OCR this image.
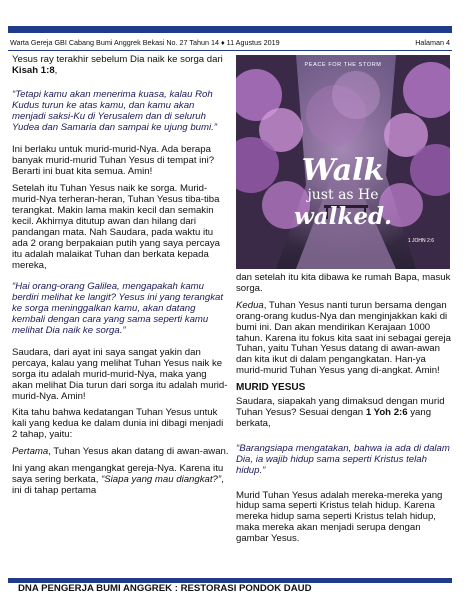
Warta Gereja GBI Cabang Bumi Anggrek Bekasi No. 27 Tahun 14 ♦ 11 Agustus 2019	Halaman 4

Yesus ray terakhir sebelum Dia naik ke sorga dari Kisah 1:8,

“Tetapi kamu akan menerima kuasa, kalau Roh Kudus turun ke atas kamu, dan kamu akan menjadi saksi-Ku di Yerusalem dan di seluruh Yudea dan Samaria dan sampai ke ujung bumi.”

Ini berlaku untuk murid-murid-Nya. Ada berapa banyak murid-murid Tuhan Yesus di tempat ini? Berarti ini buat kita semua. Amin!

Setelah itu Tuhan Yesus naik ke sorga. Murid-murid-Nya terheran-heran, Tuhan Yesus tiba-tiba terangkat. Makin lama makin kecil dan semakin kecil. Akhirnya ditutup awan dan hilang dari pandangan mata. Nah Saudara, pada waktu itu ada 2 orang berpakaian putih yang saya percaya itu adalah malaikat Tuhan dan berkata kepada mereka,

“Hai orang-orang Galilea, mengapakah kamu berdiri melihat ke langit? Yesus ini yang terangkat ke sorga meninggalkan kamu, akan datang kembali dengan cara yang sama seperti kamu melihat Dia naik ke sorga.”

Saudara, dari ayat ini saya sangat yakin dan percaya, kalau yang melihat Tuhan Yesus naik ke sorga itu adalah murid-murid-Nya, maka yang akan melihat Dia turun dari sorga itu adalah murid-murid-Nya. Amin!

Kita tahu bahwa kedatangan Tuhan Yesus untuk kali yang kedua ke dalam dunia ini dibagi menjadi 2 tahap, yaitu:

Pertama, Tuhan Yesus akan datang di awan-awan.

Ini yang akan mengangkat gereja-Nya. Karena itu saya sering berkata, “Siapa yang mau diangkat?”, ini di tahap pertama

PEACE FOR THE STORM
Walk
just as He
walked.
1 JOHN 2:6

dan setelah itu kita dibawa ke rumah Bapa, masuk sorga.

Kedua, Tuhan Yesus nanti turun bersama dengan orang-orang kudus-Nya dan menginjakkan kaki di bumi ini. Dan akan mendirikan Kerajaan 1000 tahun. Karena itu fokus kita saat ini sebagai gereja Tuhan, yaitu Tuhan Yesus datang di awan-awan dan kita ikut di dalam pengangkatan. Han-ya murid-murid Tuhan Yesus yang di-angkat. Amin!

MURID YESUS

Saudara, siapakah yang dimaksud dengan murid Tuhan Yesus? Sesuai dengan 1 Yoh 2:6 yang berkata,

“Barangsiapa mengatakan, bahwa ia ada di dalam Dia, ia wajib hidup sama seperti Kristus telah hidup.”

Murid Tuhan Yesus adalah mereka-mereka yang hidup sama seperti Kristus telah hidup. Karena mereka hidup sama seperti Kristus telah hidup, maka mereka akan menjadi serupa dengan gambar Yesus.

DNA PENGERJA BUMI ANGGREK : RESTORASI PONDOK DAUD
